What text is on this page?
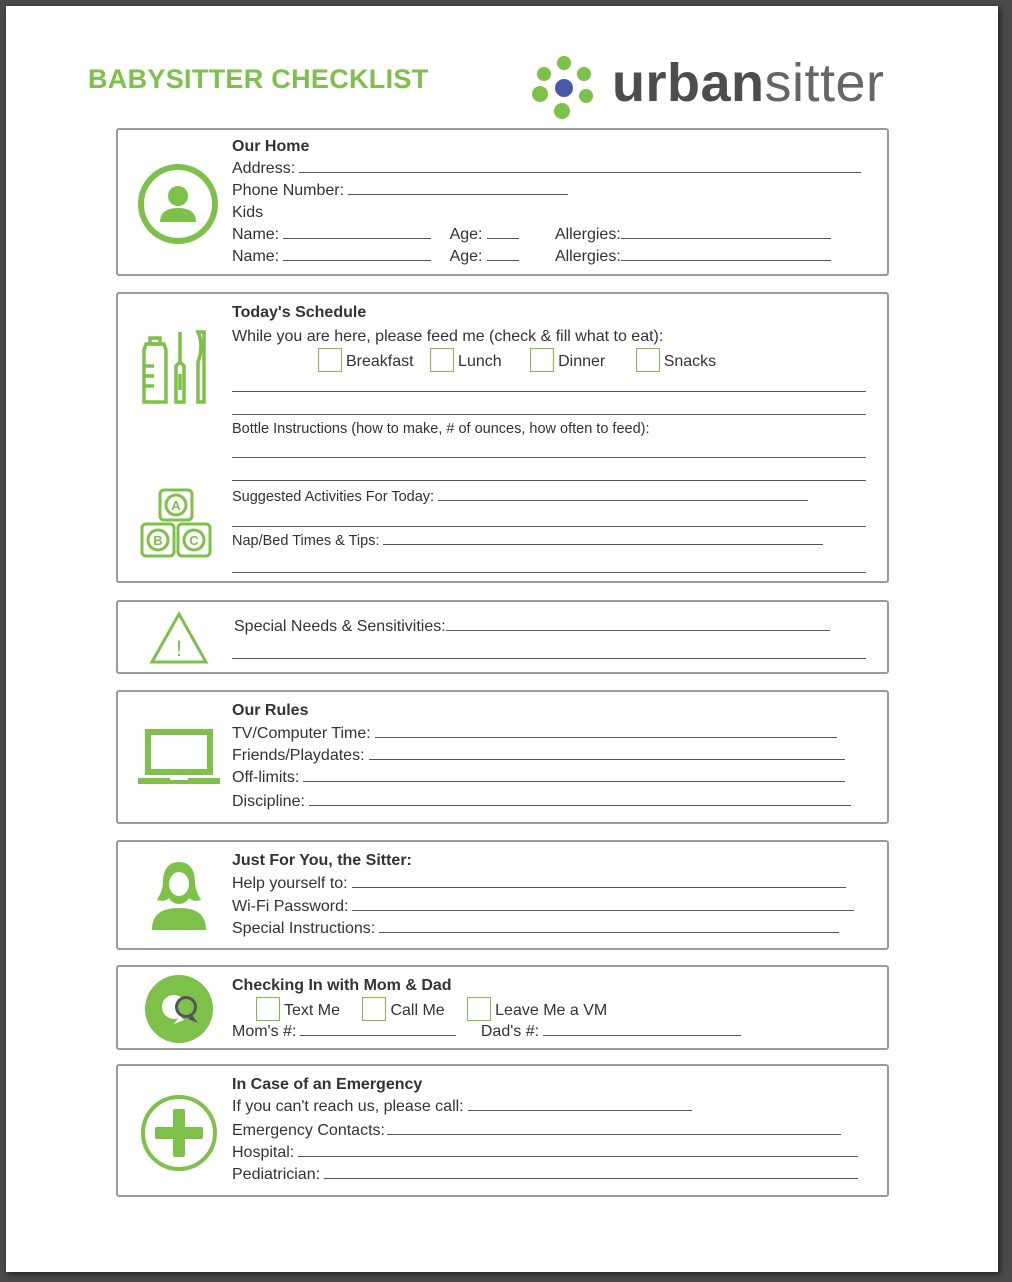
BABYSITTER CHECKLIST	urbansitter
Our Home
Address:
Phone Number:
Kids
Name:	Age:	Allergies:
Name:	Age:	Allergies:
A
B C
Today's Schedule
While you are here, please feed me (check & fill what to eat):
Breakfast	Lunch	Dinner	Snacks
Bottle Instructions (how to make, # of ounces, how often to feed):
Suggested Activities For Today:
Nap/Bed Times & Tips:
!
Special Needs & Sensitivities:
Our Rules
TV/Computer Time:
Friends/Playdates:
Off-limits:
Discipline:
Just For You, the Sitter:
Help yourself to:
Wi-Fi Password:
Special Instructions:
Checking In with Mom & Dad
Text Me	Call Me	Leave Me a VM
Mom's #:	Dad's #:
In Case of an Emergency
If you can't reach us, please call:
Emergency Contacts:
Hospital:
Pediatrician:
